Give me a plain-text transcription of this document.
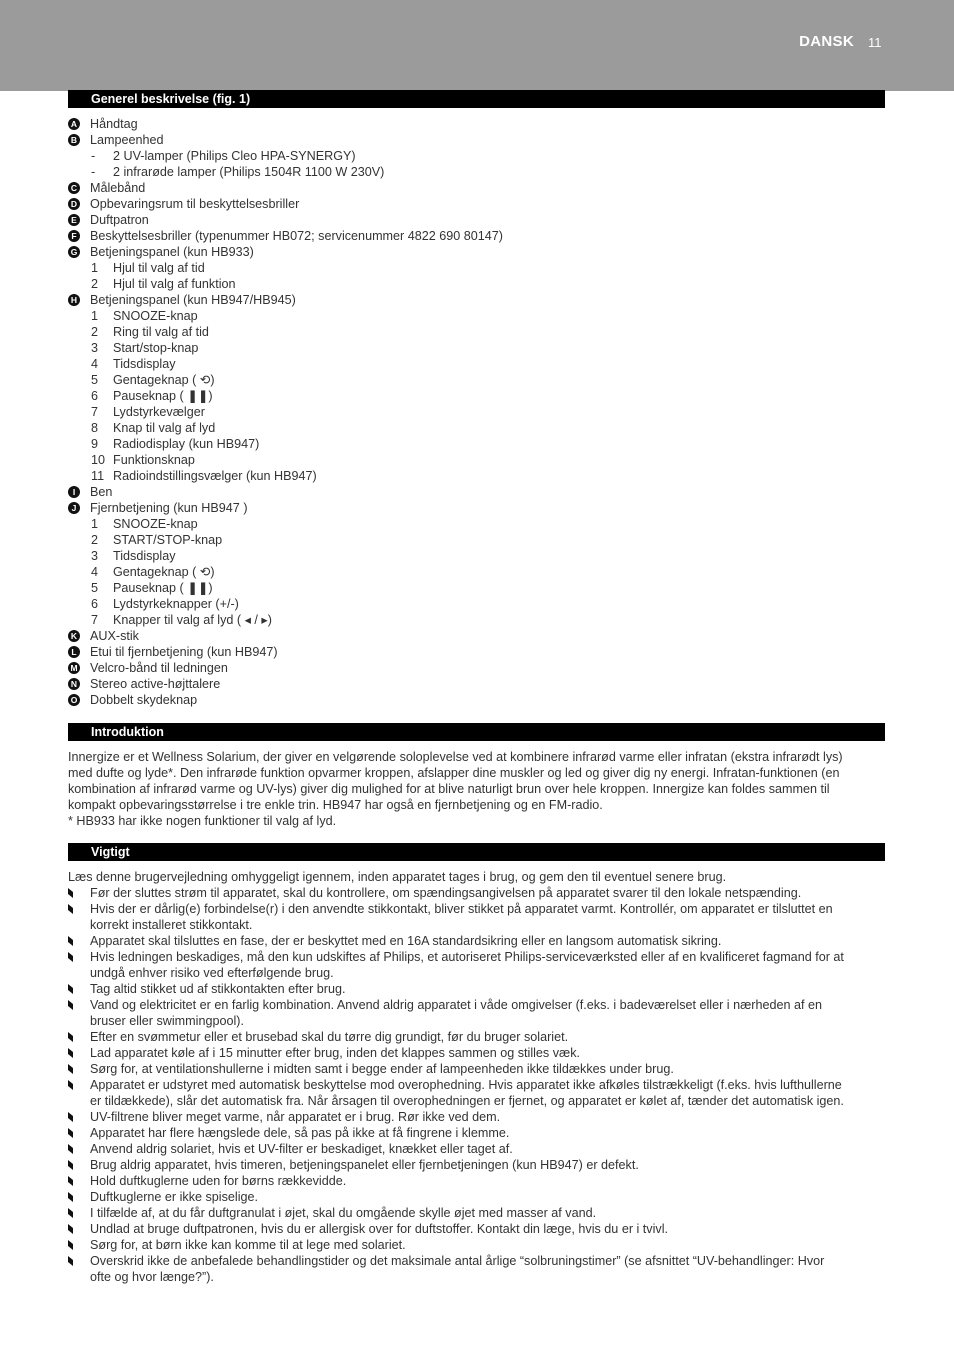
DANSK 11
Generel beskrivelse (fig. 1)
A Håndtag
B Lampeenhed
- 2 UV-lamper (Philips Cleo HPA-SYNERGY)
- 2 infrarøde lamper (Philips 1504R 1100 W 230V)
C Målebånd
D Opbevaringsrum til beskyttelsesbriller
E Duftpatron
F Beskyttelsesbriller (typenummer HB072; servicenummer 4822 690 80147)
G Betjeningspanel (kun HB933)
1 Hjul til valg af tid
2 Hjul til valg af funktion
H Betjeningspanel (kun HB947/HB945)
1 SNOOZE-knap
2 Ring til valg af tid
3 Start/stop-knap
4 Tidsdisplay
5 Gentageknap ( ⟲)
6 Pauseknap ( ❚❚)
7 Lydstyrkevælger
8 Knap til valg af lyd
9 Radiodisplay (kun HB947)
10 Funktionsknap
11 Radioindstillingsvælger (kun HB947)
I	Ben
J Fjernbetjening (kun HB947 )
1 SNOOZE-knap
2 START/STOP-knap
3 Tidsdisplay
4 Gentageknap ( ⟲)
5 Pauseknap ( ❚❚)
6 Lydstyrkeknapper (+/-)
7 Knapper til valg af lyd ( ◂ / ▸)
K AUX-stik
L Etui til fjernbetjening (kun HB947)
M Velcro-bånd til ledningen
N Stereo active-højttalere
O Dobbelt skydeknap
Introduktion
Innergize er et Wellness Solarium, der giver en velgørende soloplevelse ved at kombinere infrarød varme eller infratan (ekstra infrarødt lys)
med dufte og lyde*. Den infrarøde funktion opvarmer kroppen, afslapper dine muskler og led og giver dig ny energi. Infratan-funktionen (en
kombination af infrarød varme og UV-lys) giver dig mulighed for at blive naturligt brun over hele kroppen. Innergize kan foldes sammen til
kompakt opbevaringsstørrelse i tre enkle trin. HB947 har også en fjernbetjening og en FM-radio.
* HB933 har ikke nogen funktioner til valg af lyd.
Vigtigt
Læs denne brugervejledning omhyggeligt igennem, inden apparatet tages i brug, og gem den til eventuel senere brug.
Før der sluttes strøm til apparatet, skal du kontrollere, om spændingsangivelsen på apparatet svarer til den lokale netspænding.
Hvis der er dårlig(e) forbindelse(r) i den anvendte stikkontakt, bliver stikket på apparatet varmt. Kontrollér, om apparatet er tilsluttet en
korrekt installeret stikkontakt.
Apparatet skal tilsluttes en fase, der er beskyttet med en 16A standardsikring eller en langsom automatisk sikring.
Hvis ledningen beskadiges, må den kun udskiftes af Philips, et autoriseret Philips-serviceværksted eller af en kvalificeret fagmand for at
undgå enhver risiko ved efterfølgende brug.
Tag altid stikket ud af stikkontakten efter brug.
Vand og elektricitet er en farlig kombination. Anvend aldrig apparatet i våde omgivelser (f.eks. i badeværelset eller i nærheden af en
bruser eller swimmingpool).
Efter en svømmetur eller et brusebad skal du tørre dig grundigt, før du bruger solariet.
Lad apparatet køle af i 15 minutter efter brug, inden det klappes sammen og stilles væk.
Sørg for, at ventilationshullerne i midten samt i begge ender af lampeenheden ikke tildækkes under brug.
Apparatet er udstyret med automatisk beskyttelse mod overophedning. Hvis apparatet ikke afkøles tilstrækkeligt (f.eks. hvis lufthullerne
er tildækkede), slår det automatisk fra. Når årsagen til overophedningen er fjernet, og apparatet er kølet af, tænder det automatisk igen.
UV-filtrene bliver meget varme, når apparatet er i brug. Rør ikke ved dem.
Apparatet har flere hængslede dele, så pas på ikke at få fingrene i klemme.
Anvend aldrig solariet, hvis et UV-filter er beskadiget, knækket eller taget af.
Brug aldrig apparatet, hvis timeren, betjeningspanelet eller fjernbetjeningen (kun HB947) er defekt.
Hold duftkuglerne uden for børns rækkevidde.
Duftkuglerne er ikke spiselige.
I tilfælde af, at du får duftgranulat i øjet, skal du omgående skylle øjet med masser af vand.
Undlad at bruge duftpatronen, hvis du er allergisk over for duftstoffer. Kontakt din læge, hvis du er i tvivl.
Sørg for, at børn ikke kan komme til at lege med solariet.
Overskrid ikke de anbefalede behandlingstider og det maksimale antal årlige “solbruningstimer” (se afsnittet “UV-behandlinger: Hvor
ofte og hvor længe?”).
